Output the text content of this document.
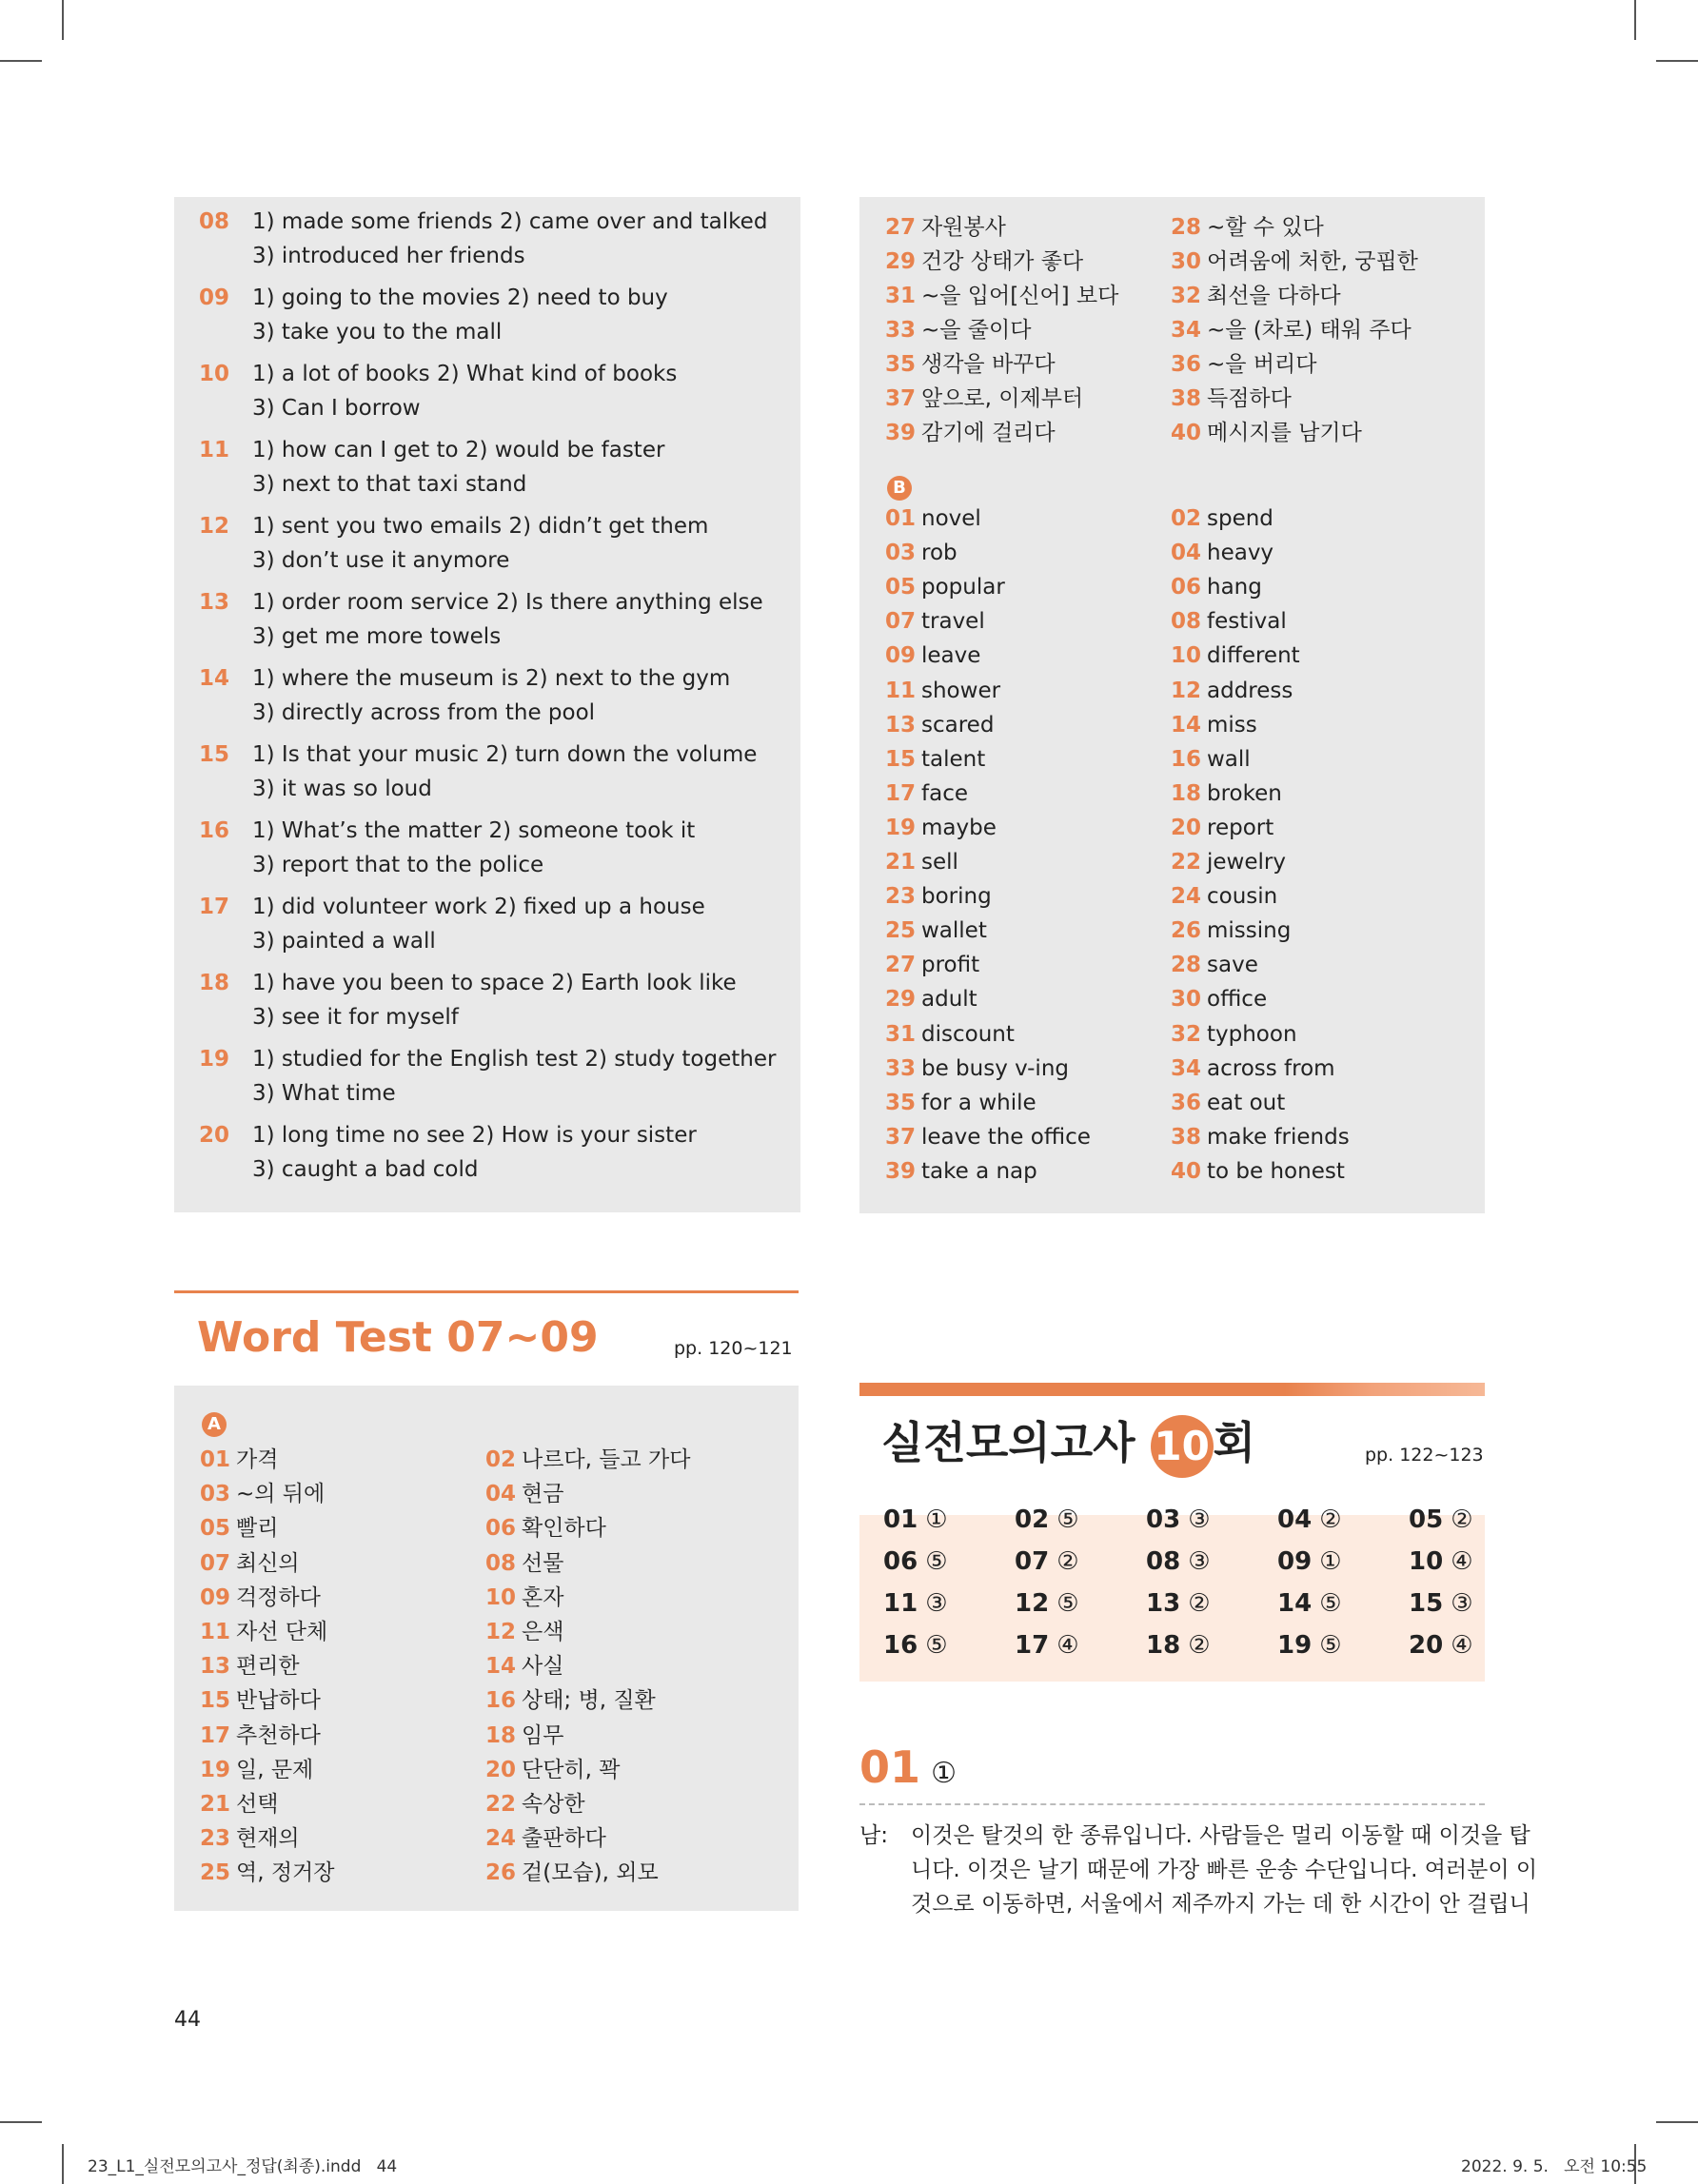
08 1) made some friends 2) came over and talked
3) introduced her friends
09 1) going to the movies 2) need to buy
3) take you to the mall
10 1) a lot of books 2) What kind of books
3) Can I borrow
11 1) how can I get to 2) would be faster
3) next to that taxi stand
12 1) sent you two emails 2) didn’t get them
3) don’t use it anymore
13 1) order room service 2) Is there anything else
3) get me more towels
14 1) where the museum is 2) next to the gym
3) directly across from the pool
15 1) Is that your music 2) turn down the volume
3) it was so loud
16 1) What’s the matter 2) someone took it
3) report that to the police
17 1) did volunteer work 2) fixed up a house
3) painted a wall
18 1) have you been to space 2) Earth look like
3) see it for myself
19 1) studied for the English test 2) study together
3) What time
20 1) long time no see 2) How is your sister
3) caught a bad cold
27 자원봉사	28 ~할 수 있다
29 건강 상태가 좋다	30 어려움에 처한, 궁핍한
31 ~을 입어[신어] 보다 32 최선을 다하다
33 ~을 줄이다	34 ~을 (차로) 태워 주다
35 생각을 바꾸다	36 ~을 버리다
37 앞으로, 이제부터	38 득점하다
39 감기에 걸리다	40 메시지를 남기다
B
01 novel	02 spend
03 rob	04 heavy
05 popular	06 hang
07 travel	08 festival
09 leave	10 different
11 shower	12 address
13 scared	14 miss
15 talent	16 wall
17 face	18 broken
19 maybe	20 report
21 sell	22 jewelry
23 boring	24 cousin
25 wallet	26 missing
27 profit	28 save
29 adult	30 office
31 discount	32 typhoon
33 be busy v-ing	34 across from
35 for a while	36 eat out
37 leave the office	38 make friends
39 take a nap	40 to be honest
Word Test 07~09	pp. 120~121
A
01 가격	02 나르다, 들고 가다
03 ~의 뒤에	04 현금
05 빨리	06 확인하다
07 최신의	08 선물
09 걱정하다	10 혼자
11 자선 단체	12 은색
13 편리한	14 사실
15 반납하다	16 상태; 병, 질환
17 추천하다	18 임무
19 일, 문제	20 단단히, 꽉
21 선택	22 속상한
23 현재의	24 출판하다
25 역, 정거장	26 겉(모습), 외모
실전모의고사 10회	pp. 122~123
01 ①	02 ⑤	03 ③	04 ②	05 ②
06 ⑤	07 ②	08 ③	09 ①	10 ④
11 ③	12 ⑤	13 ②	14 ⑤	15 ③
16 ⑤	17 ④	18 ②	19 ⑤	20 ④
01 ①
남: 이것은 탈것의 한 종류입니다. 사람들은 멀리 이동할 때 이것을 탑
니다. 이것은 날기 때문에 가장 빠른 운송 수단입니다. 여러분이 이
것으로 이동하면, 서울에서 제주까지 가는 데 한 시간이 안 걸립니
44
23_L1_실전모의고사_정답(최종).indd   44	2022. 9. 5.   오전 10:55
